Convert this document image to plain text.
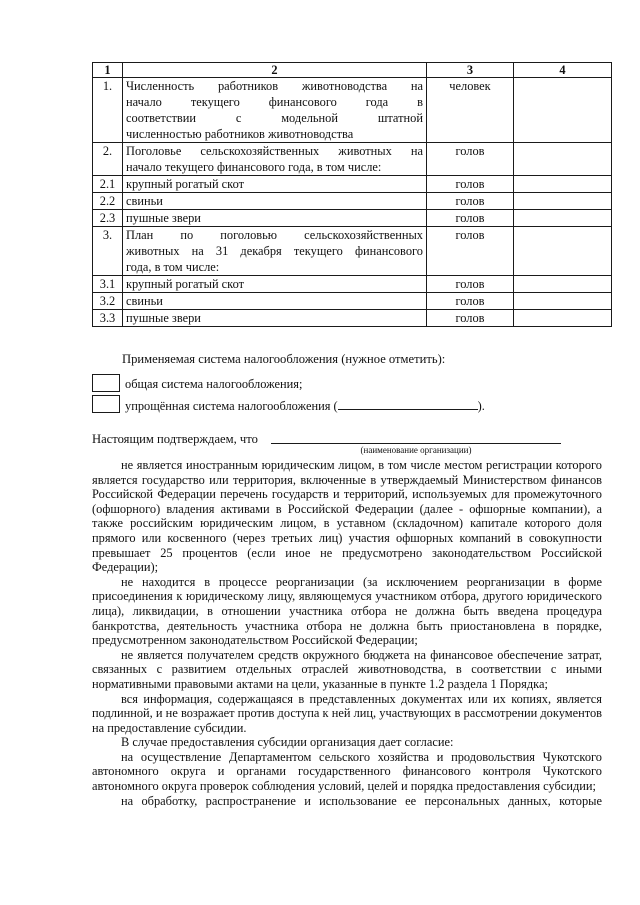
1	2	3	4
1.	Численность работников животноводства на
начало текущего финансового года в
соответствии с модельной штатной
численностью работников животноводства	человек	
2.	Поголовье сельскохозяйственных животных на
начало текущего финансового года, в том числе:	голов	
2.1	крупный рогатый скот	голов	
2.2	свиньи	голов	
2.3	пушные звери	голов	
3.	План по поголовью сельскохозяйственных
животных на 31 декабря текущего финансового
года, в том числе:	голов	
3.1	крупный рогатый скот	голов	
3.2	свиньи	голов	
3.3	пушные звери	голов	
Применяемая система налогообложения (нужное отметить):
общая система налогообложения;
упрощённая система налогообложения (	).
Настоящим подтверждаем, что
(наименование организации)

не является иностранным юридическим лицом, в том числе местом регистрации которого является государство или территория, включенные в утверждаемый Министерством финансов Российской Федерации перечень государств и территорий, используемых для промежуточного (офшорного) владения активами в Российской Федерации (далее - офшорные компании), а также российским юридическим лицом, в уставном (складочном) капитале которого доля прямого или косвенного (через третьих лиц) участия офшорных компаний в совокупности превышает 25 процентов (если иное не предусмотрено законодательством Российской Федерации);

не находится в процессе реорганизации (за исключением реорганизации в форме присоединения к юридическому лицу, являющемуся участником отбора, другого юридического лица), ликвидации, в отношении участника отбора не должна быть введена процедура банкротства, деятельность участника отбора не должна быть приостановлена в порядке, предусмотренном законодательством Российской Федерации;

не является получателем средств окружного бюджета на финансовое обеспечение затрат, связанных с развитием отдельных отраслей животноводства, в соответствии с иными нормативными правовыми актами на цели, указанные в пункте 1.2 раздела 1 Порядка;

вся информация, содержащаяся в представленных документах или их копиях, является подлинной, и не возражает против доступа к ней лиц, участвующих в рассмотрении документов на предоставление субсидии.

В случае предоставления субсидии организация дает согласие:

на осуществление Департаментом сельского хозяйства и продовольствия Чукотского автономного округа и органами государственного финансового контроля Чукотского автономного округа проверок соблюдения условий, целей и порядка предоставления субсидии;

на обработку, распространение и использование ее персональных данных, которые
